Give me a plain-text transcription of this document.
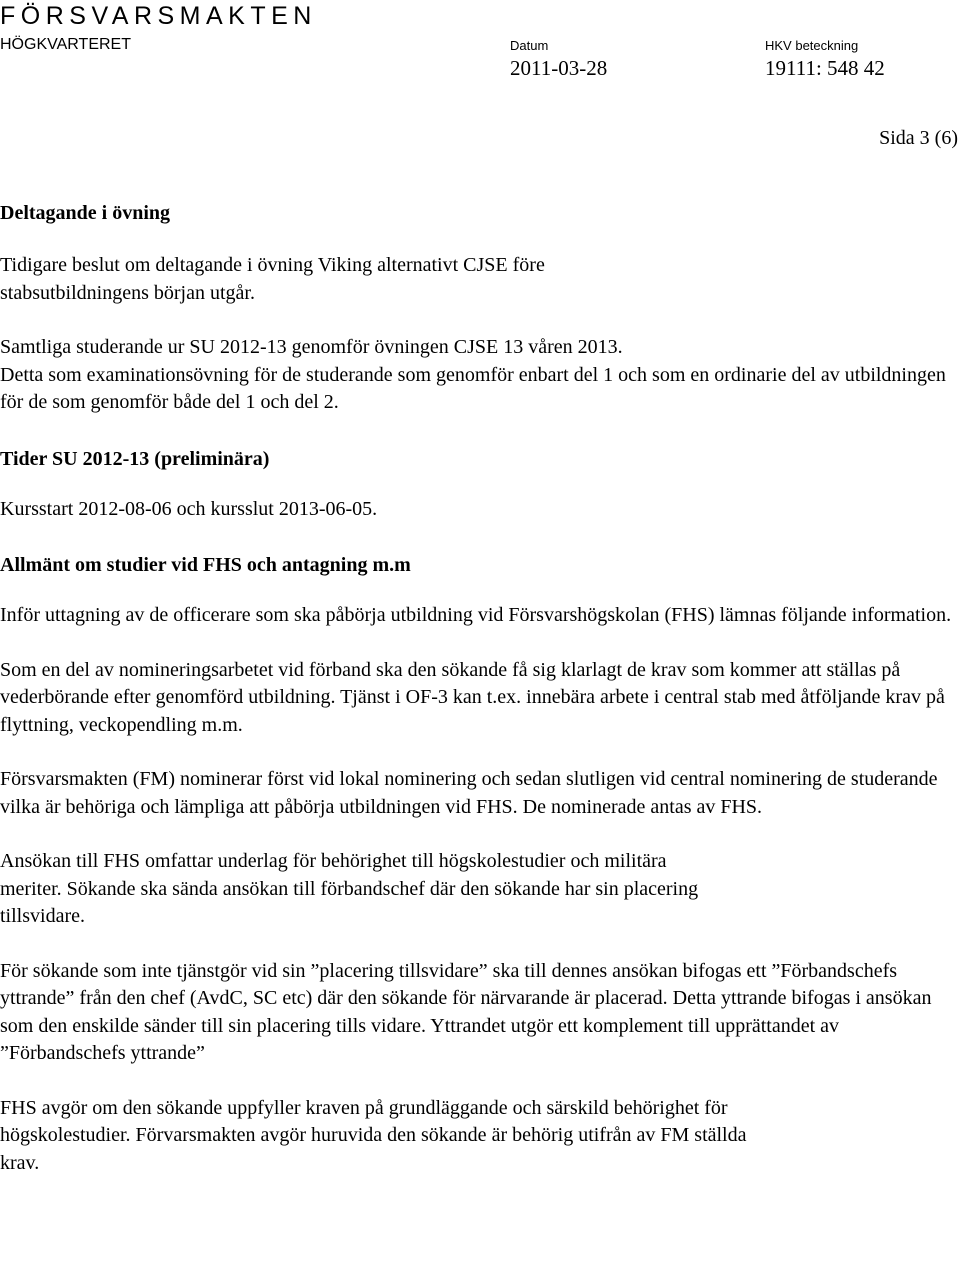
FÖRSVARSMAKTEN
HÖGKVARTERET	Datum
2011-03-28
HKV beteckning
19111: 548 42
Sida 3 (6)
Deltagande i övning
Tidigare beslut om deltagande i övning Viking alternativt CJSE före stabsutbildningens början utgår.
Samtliga studerande ur SU 2012-13 genomför övningen CJSE 13 våren 2013.
Detta som examinationsövning för de studerande som genomför enbart del 1 och som en ordinarie del av utbildningen för de som genomför både del 1 och del 2.
Tider SU 2012-13 (preliminära)
Kursstart 2012-08-06 och kursslut 2013-06-05.
Allmänt om studier vid FHS och antagning m.m
Inför uttagning av de officerare som ska påbörja utbildning vid Försvarshögskolan (FHS) lämnas följande information.
Som en del av nomineringsarbetet vid förband ska den sökande få sig klarlagt de krav som kommer att ställas på vederbörande efter genomförd utbildning. Tjänst i OF-3 kan t.ex. innebära arbete i central stab med åtföljande krav på flyttning, veckopendling m.m.
Försvarsmakten (FM) nominerar först vid lokal nominering och sedan slutligen vid central nominering de studerande vilka är behöriga och lämpliga att påbörja utbildningen vid FHS. De nominerade antas av FHS.
Ansökan till FHS omfattar underlag för behörighet till högskolestudier och militära meriter. Sökande ska sända ansökan till förbandschef där den sökande har sin placering tillsvidare.
För sökande som inte tjänstgör vid sin ”placering tillsvidare” ska till dennes ansökan bifogas ett ”Förbandschefs yttrande” från den chef (AvdC, SC etc) där den sökande för närvarande är placerad. Detta yttrande bifogas i ansökan som den enskilde sänder till sin placering tills vidare. Yttrandet utgör ett komplement till upprättandet av ”Förbandschefs yttrande”
FHS avgör om den sökande uppfyller kraven på grundläggande och särskild behörighet för högskolestudier. Förvarsmakten avgör huruvida den sökande är behörig utifrån av FM ställda krav.
